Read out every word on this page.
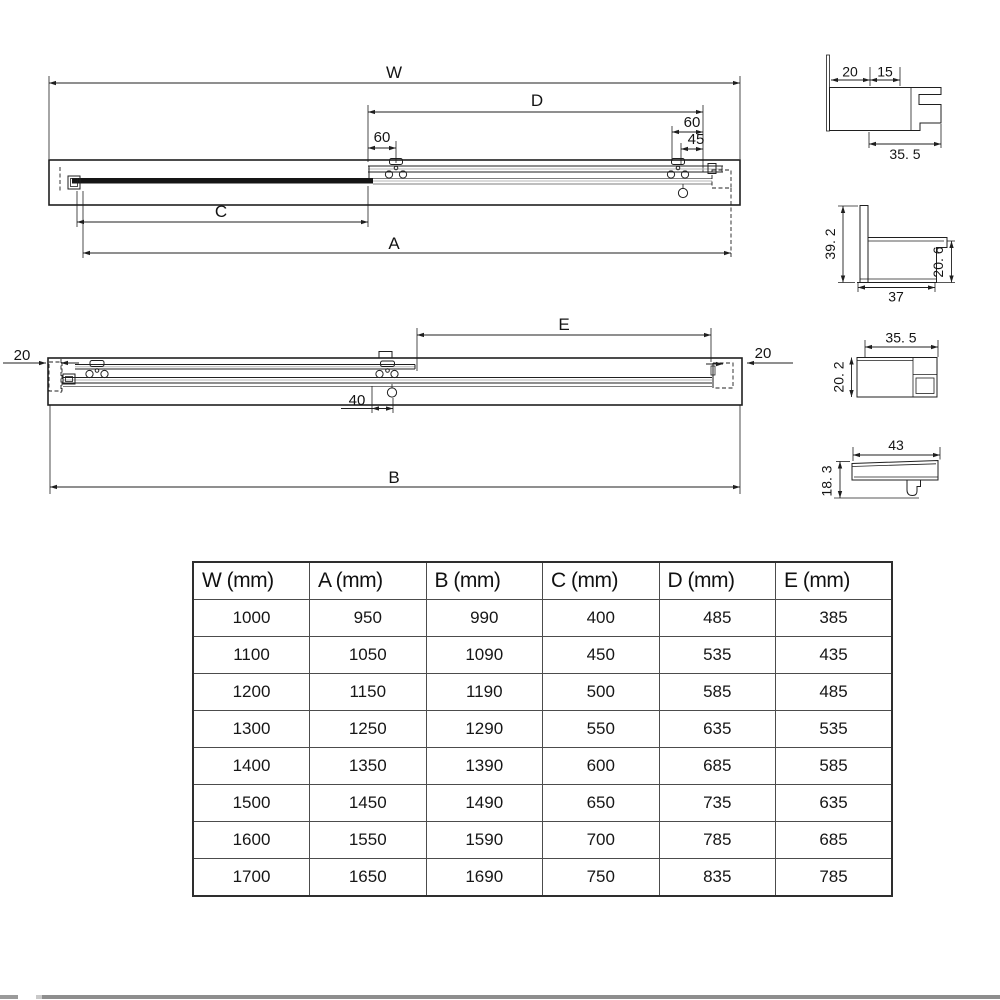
W
D
60
60
45
C
A
20
E
20
40
B
20 15
35. 5
39. 2
20. 6
37
35. 5
20. 2
43
18. 3
W (mm)	A (mm)	B (mm)	C (mm)	D (mm)	E (mm)
1000	950	990	400	485	385
1100	1050	1090	450	535	435
1200	1150	1190	500	585	485
1300	1250	1290	550	635	535
1400	1350	1390	600	685	585
1500	1450	1490	650	735	635
1600	1550	1590	700	785	685
1700	1650	1690	750	835	785
